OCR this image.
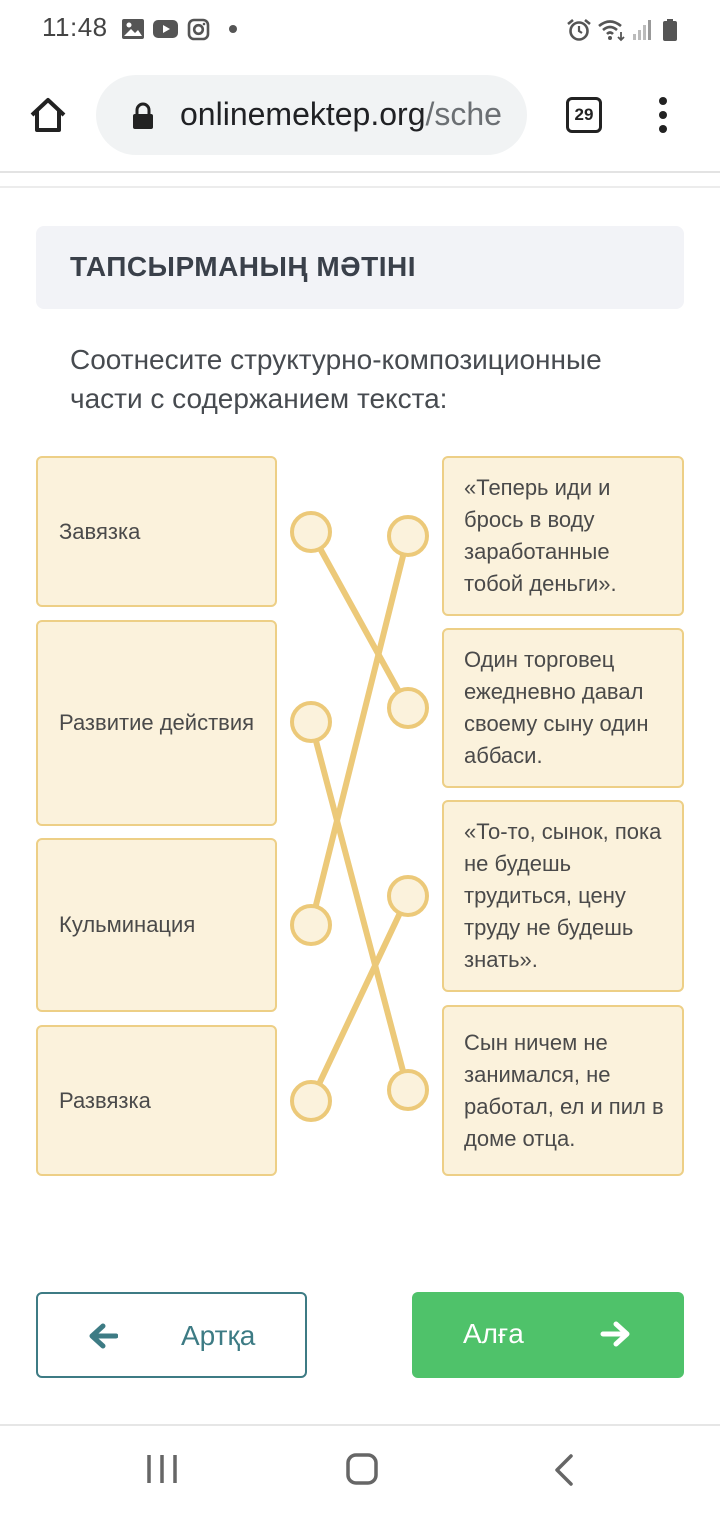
11:48
onlinemektep.org/sche	29
ТАПСЫРМАНЫҢ МӘТІНІ
Соотнесите структурно-композиционные части с содержанием текста:
Завязка
Развитие действия
Кульминация
Развязка
«Теперь иди и брось в воду заработанные тобой деньги».
Один торговец ежедневно давал своему сыну один аббаси.
«То-то, сынок, пока не будешь трудиться, цену труду не будешь знать».
Сын ничем не занимался, не работал, ел и пил в доме отца.
Артқа	Алға
